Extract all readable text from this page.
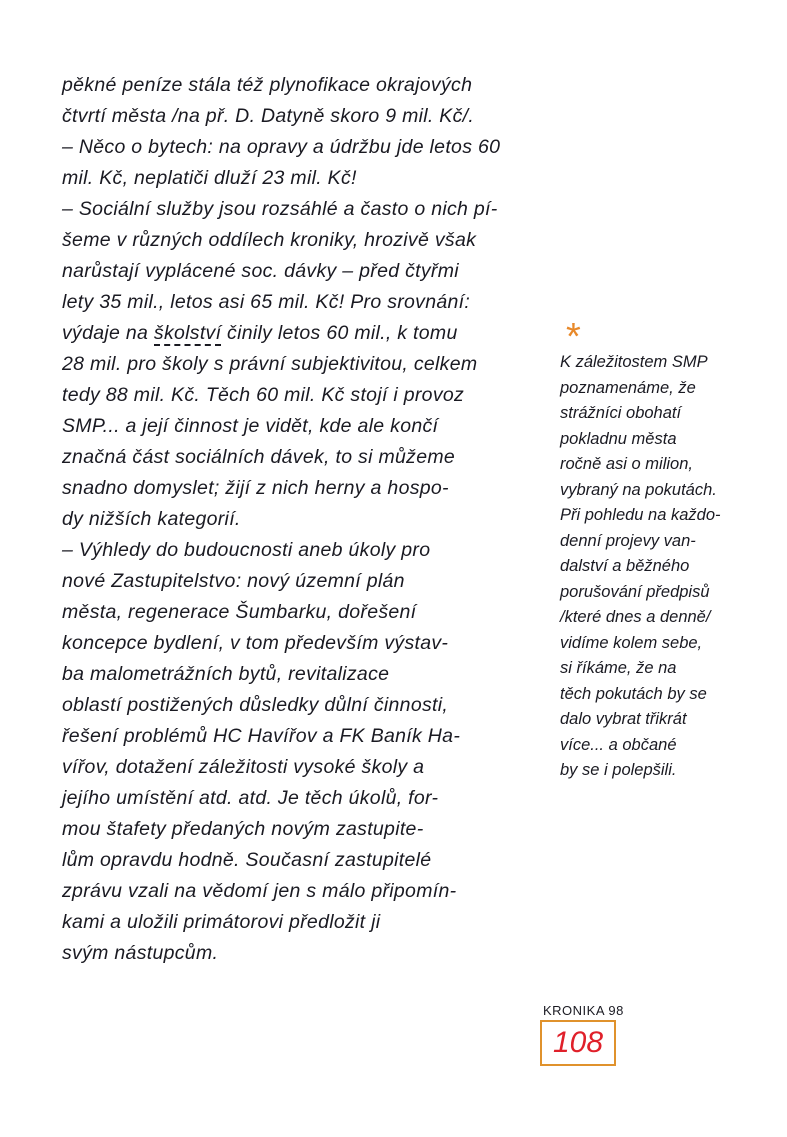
pěkné peníze stála též plynofikace okrajových
čtvrtí města /na př. D. Datyně skoro 9 mil. Kč/.
– Něco o bytech: na opravy a údržbu jde letos 60
mil. Kč, neplatiči dluží 23 mil. Kč!
– Sociální služby jsou rozsáhlé a často o nich pí-
šeme v různých oddílech kroniky, hrozivě však
narůstají vyplácené soc. dávky – před čtyřmi
lety 35 mil., letos asi 65 mil. Kč! Pro srovnání:
výdaje na školství činily letos 60 mil., k tomu
28 mil. pro školy s právní subjektivitou, celkem
tedy 88 mil. Kč. Těch 60 mil. Kč stojí i provoz
SMP... a její činnost je vidět, kde ale končí
značná část sociálních dávek, to si můžeme
snadno domyslet; žijí z nich herny a hospo-
dy nižších kategorií.
– Výhledy do budoucnosti aneb úkoly pro
nové Zastupitelstvo: nový územní plán
města, regenerace Šumbarku, dořešení
koncepce bydlení, v tom především výstav-
ba malometrážních bytů, revitalizace
oblastí postižených důsledky důlní činnosti,
řešení problémů HC Havířov a FK Baník Ha-
vířov, dotažení záležitosti vysoké školy a
jejího umístění atd. atd. Je těch úkolů, for-
mou štafety předaných novým zastupite-
lům opravdu hodně. Současní zastupitelé
zprávu vzali na vědomí jen s málo připomín-
kami a uložili primátorovi předložit ji
svým nástupcům.
*
K záležitostem SMP
poznamenáme, že
strážníci obohatí
pokladnu města
ročně asi o milion,
vybraný na pokutách.
Při pohledu na každo-
denní projevy van-
dalství a běžného
porušování předpisů
/které dnes a denně/
vidíme kolem sebe,
si říkáme, že na
těch pokutách by se
dalo vybrat třikrát
více... a občané
by se i polepšili.
KRONIKA 98
108
